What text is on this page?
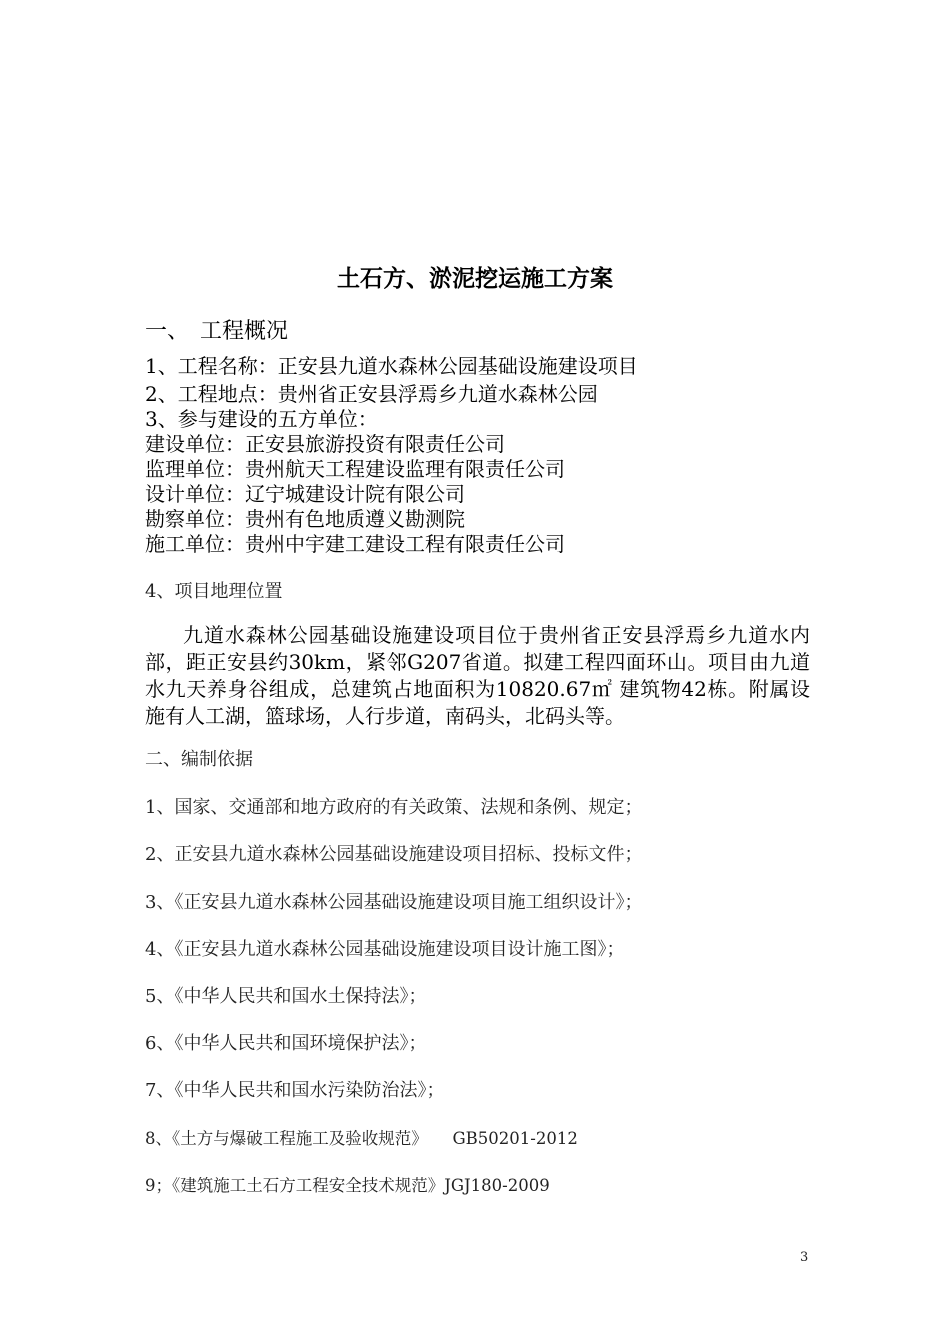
土石方、淤泥挖运施工方案
一、　工程概况
1、工程名称：正安县九道水森林公园基础设施建设项目
2、工程地点：贵州省正安县浮焉乡九道水森林公园
3、参与建设的五方单位：
建设单位：正安县旅游投资有限责任公司
监理单位：贵州航天工程建设监理有限责任公司
设计单位：辽宁城建设计院有限公司
勘察单位：贵州有色地质遵义勘测院
施工单位：贵州中宇建工建设工程有限责任公司
4、项目地理位置
九道水森林公园基础设施建设项目位于贵州省正安县浮焉乡九道水内部，距正安县约30km，紧邻G207省道。拟建工程四面环山。项目由九道水九天养身谷组成，总建筑占地面积为10820.67㎡ 建筑物42栋。附属设施有人工湖，篮球场，人行步道，南码头，北码头等。
二、编制依据
1、国家、交通部和地方政府的有关政策、法规和条例、规定；
2、正安县九道水森林公园基础设施建设项目招标、投标文件；
3、《正安县九道水森林公园基础设施建设项目施工组织设计》；
4、《正安县九道水森林公园基础设施建设项目设计施工图》；
5、《中华人民共和国水土保持法》；
6、《中华人民共和国环境保护法》；
7、《中华人民共和国水污染防治法》；
8、《土方与爆破工程施工及验收规范》　　GB50201-2012
9；《建筑施工土石方工程安全技术规范》JGJ180-2009
3
